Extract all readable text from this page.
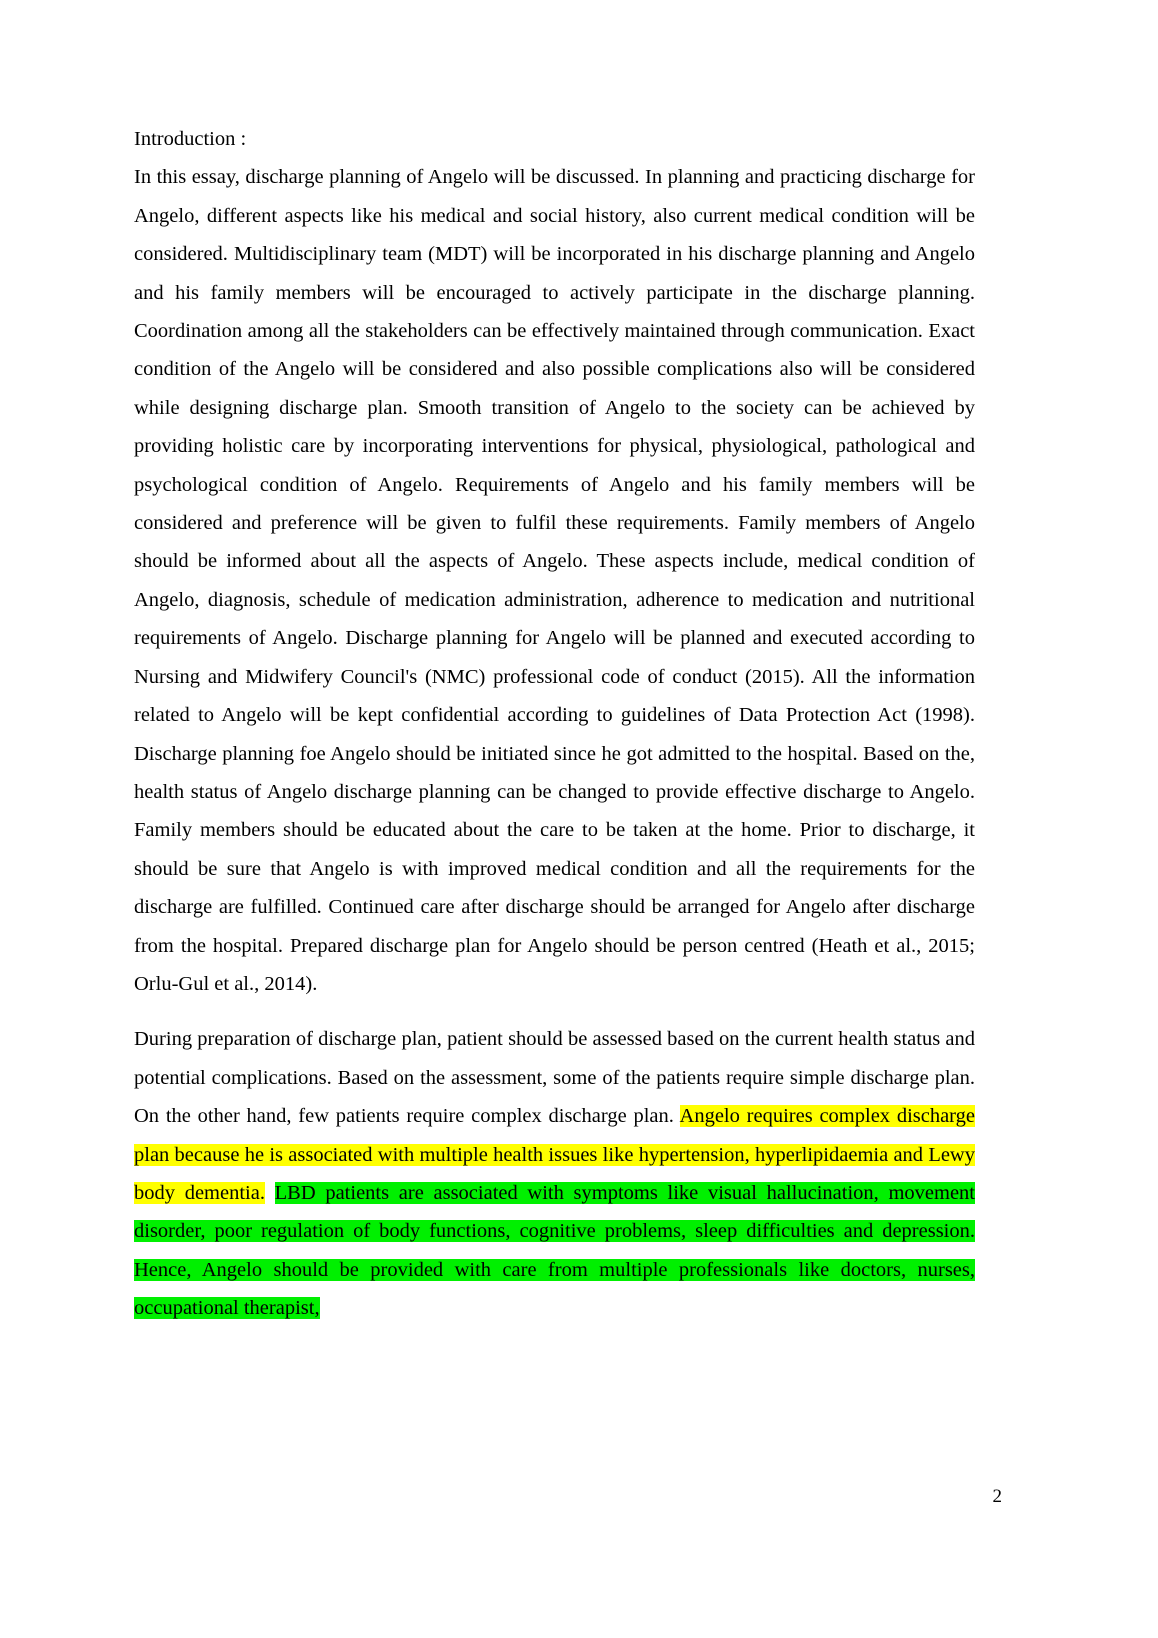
Introduction :

In this essay, discharge planning of Angelo will be discussed. In planning and practicing discharge for Angelo, different aspects like his medical and social history, also current medical condition will be considered. Multidisciplinary team (MDT) will be incorporated in his discharge planning and Angelo and his family members will be encouraged to actively participate in the discharge planning. Coordination among all the stakeholders can be effectively maintained through communication. Exact condition of the Angelo will be considered and also possible complications also will be considered while designing discharge plan. Smooth transition of Angelo to the society can be achieved by providing holistic care by incorporating interventions for physical, physiological, pathological and psychological condition of Angelo. Requirements of Angelo and his family members will be considered and preference will be given to fulfil these requirements. Family members of Angelo should be informed about all the aspects of Angelo. These aspects include, medical condition of Angelo, diagnosis, schedule of medication administration, adherence to medication and nutritional requirements of Angelo. Discharge planning for Angelo will be planned and executed according to Nursing and Midwifery Council's (NMC) professional code of conduct (2015). All the information related to Angelo will be kept confidential according to guidelines of Data Protection Act (1998). Discharge planning foe Angelo should be initiated since he got admitted to the hospital. Based on the, health status of Angelo discharge planning can be changed to provide effective discharge to Angelo. Family members should be educated about the care to be taken at the home. Prior to discharge, it should be sure that Angelo is with improved medical condition and all the requirements for the discharge are fulfilled. Continued care after discharge should be arranged for Angelo after discharge from the hospital. Prepared discharge plan for Angelo should be person centred (Heath et al., 2015; Orlu-Gul et al., 2014).

During preparation of discharge plan, patient should be assessed based on the current health status and potential complications. Based on the assessment, some of the patients require simple discharge plan. On the other hand, few patients require complex discharge plan. Angelo requires complex discharge plan because he is associated with multiple health issues like hypertension, hyperlipidaemia and Lewy body dementia. LBD patients are associated with symptoms like visual hallucination, movement disorder, poor regulation of body functions, cognitive problems, sleep difficulties and depression. Hence, Angelo should be provided with care from multiple professionals like doctors, nurses, occupational therapist,

2
